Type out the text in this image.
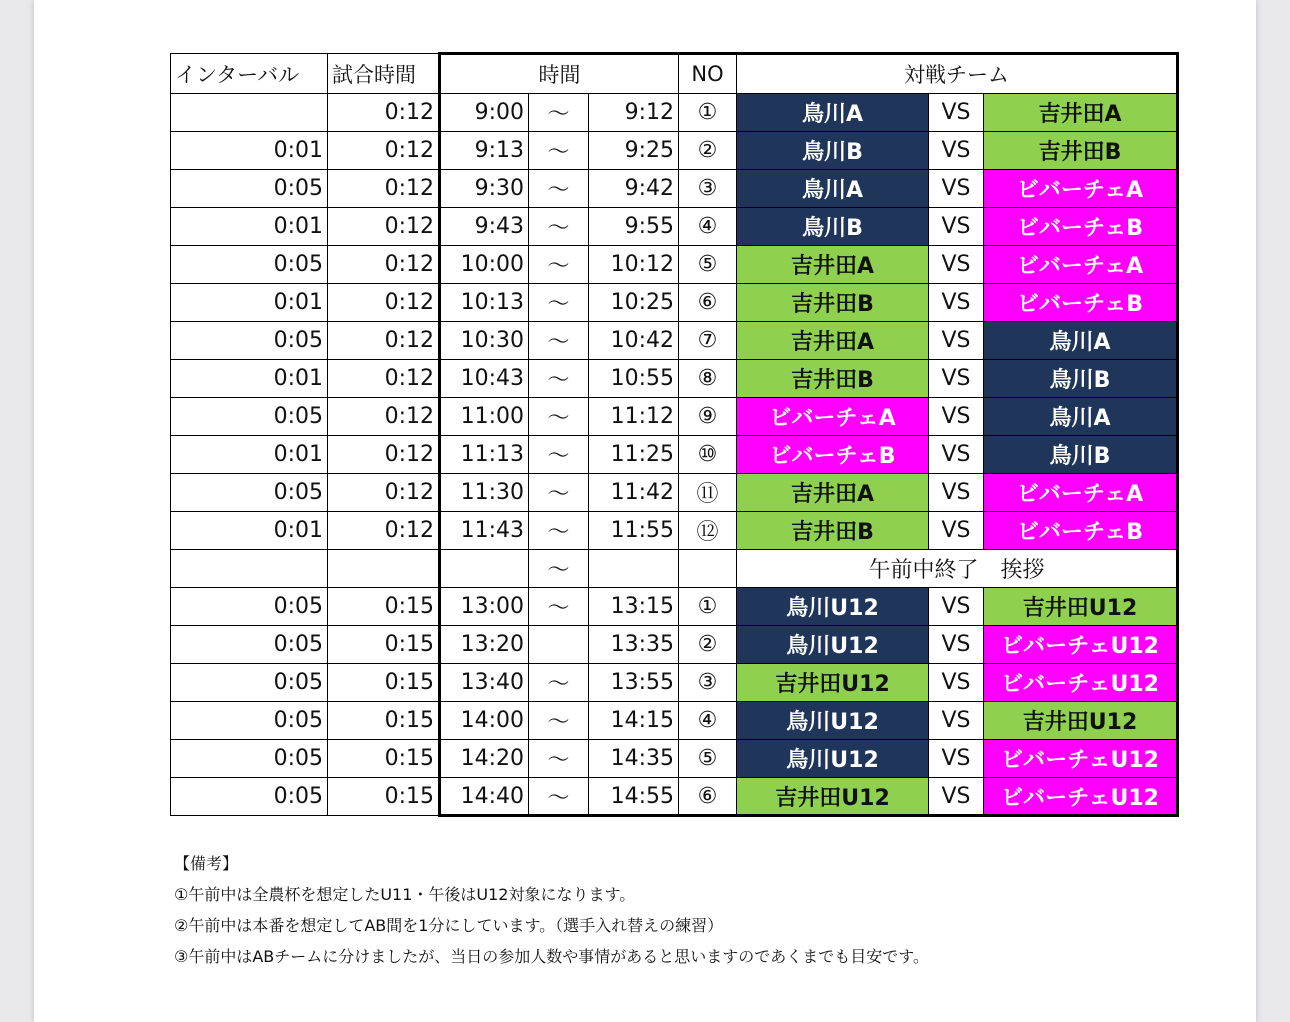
インターバル	試合時間	時間			NO	対戦チーム		
	0:12	9:00	〜	9:12	①	鳥川A	VS	吉井田A
0:01	0:12	9:13	〜	9:25	②	鳥川B	VS	吉井田B
0:05	0:12	9:30	〜	9:42	③	鳥川A	VS	ビバーチェA
0:01	0:12	9:43	〜	9:55	④	鳥川B	VS	ビバーチェB
0:05	0:12	10:00	〜	10:12	⑤	吉井田A	VS	ビバーチェA
0:01	0:12	10:13	〜	10:25	⑥	吉井田B	VS	ビバーチェB
0:05	0:12	10:30	〜	10:42	⑦	吉井田A	VS	鳥川A
0:01	0:12	10:43	〜	10:55	⑧	吉井田B	VS	鳥川B
0:05	0:12	11:00	〜	11:12	⑨	ビバーチェA	VS	鳥川A
0:01	0:12	11:13	〜	11:25	⑩	ビバーチェB	VS	鳥川B
0:05	0:12	11:30	〜	11:42	⑪	吉井田A	VS	ビバーチェA
0:01	0:12	11:43	〜	11:55	⑫	吉井田B	VS	ビバーチェB
			〜			午前中終了　挨拶		
0:05	0:15	13:00	〜	13:15	①	鳥川U12	VS	吉井田U12
0:05	0:15	13:20		13:35	②	鳥川U12	VS	ビバーチェU12
0:05	0:15	13:40	〜	13:55	③	吉井田U12	VS	ビバーチェU12
0:05	0:15	14:00	〜	14:15	④	鳥川U12	VS	吉井田U12
0:05	0:15	14:20	〜	14:35	⑤	鳥川U12	VS	ビバーチェU12
0:05	0:15	14:40	〜	14:55	⑥	吉井田U12	VS	ビバーチェU12
【備考】
①午前中は全農杯を想定したU11・午後はU12対象になります。
②午前中は本番を想定してAB間を1分にしています。（選手入れ替えの練習）
③午前中はABチームに分けましたが、当日の参加人数や事情があると思いますのであくまでも目安です。
